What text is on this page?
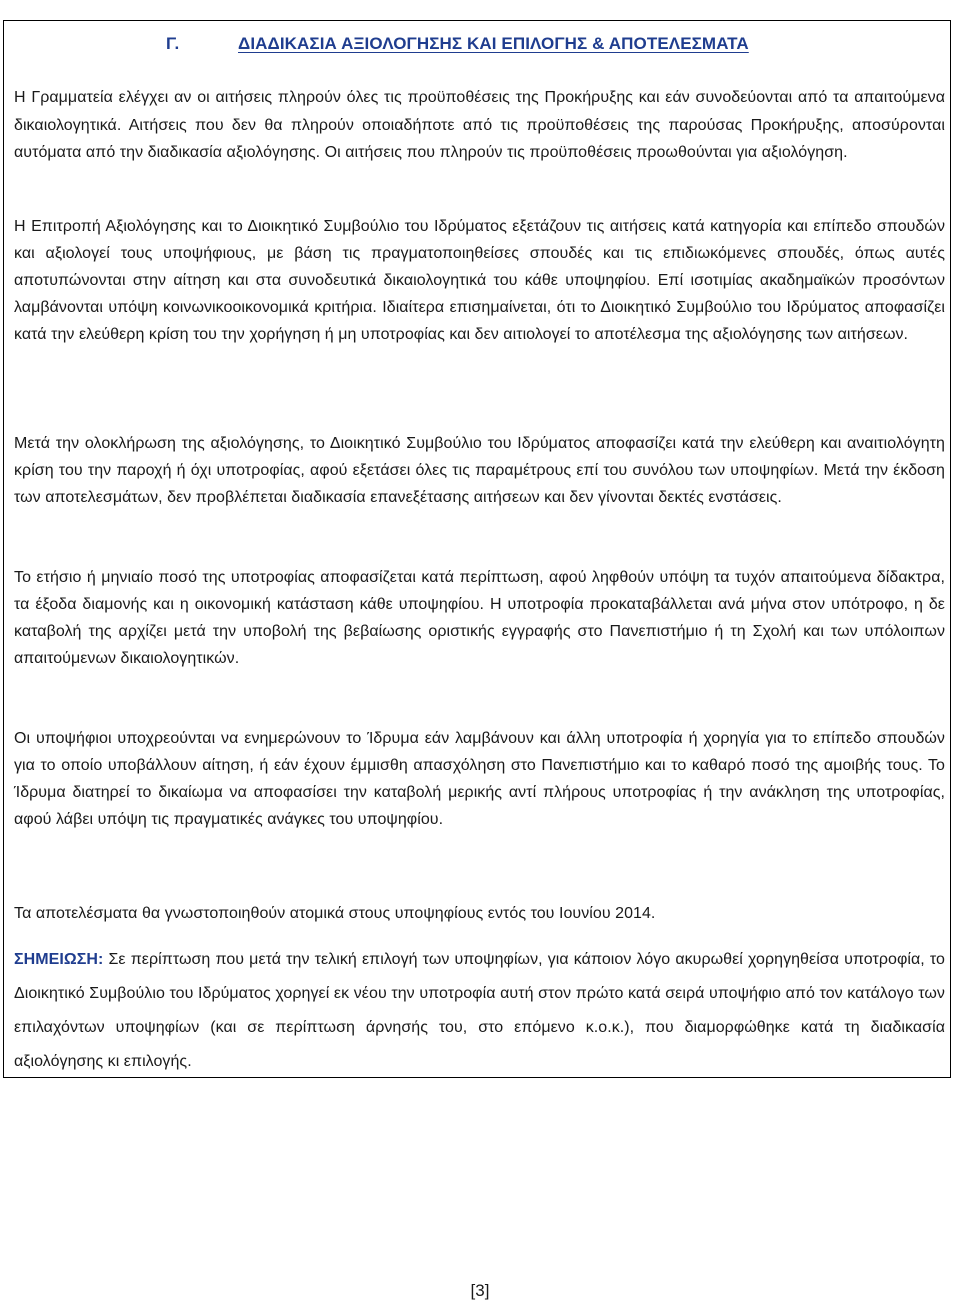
Γ.	ΔΙΑΔΙΚΑΣΙΑ ΑΞΙΟΛΟΓΗΣΗΣ ΚΑΙ ΕΠΙΛΟΓΗΣ & ΑΠΟΤΕΛΕΣΜΑΤΑ

Η Γραμματεία ελέγχει αν οι αιτήσεις πληρούν όλες τις προϋποθέσεις της Προκήρυξης και εάν συνοδεύονται από τα απαιτούμενα δικαιολογητικά. Αιτήσεις που δεν θα πληρούν οποιαδήποτε από τις προϋποθέσεις της παρούσας Προκήρυξης, αποσύρονται αυτόματα από την διαδικασία αξιολόγησης. Οι αιτήσεις που πληρούν τις προϋποθέσεις προωθούνται για αξιολόγηση.

Η Επιτροπή Αξιολόγησης και το Διοικητικό Συμβούλιο του Ιδρύματος εξετάζουν τις αιτήσεις κατά κατηγορία και επίπεδο σπουδών και αξιολογεί τους υποψήφιους, με βάση τις πραγματοποιηθείσες σπουδές και τις επιδιωκόμενες σπουδές, όπως αυτές αποτυπώνονται στην αίτηση και στα συνοδευτικά δικαιολογητικά του κάθε υποψηφίου. Επί ισοτιμίας ακαδημαϊκών προσόντων λαμβάνονται υπόψη κοινωνικοοικονομικά κριτήρια. Ιδιαίτερα επισημαίνεται, ότι το Διοικητικό Συμβούλιο του Ιδρύματος αποφασίζει κατά την ελεύθερη κρίση του την χορήγηση ή μη υποτροφίας και δεν αιτιολογεί το αποτέλεσμα της αξιολόγησης των αιτήσεων.

Μετά την ολοκλήρωση της αξιολόγησης, το Διοικητικό Συμβούλιο του Ιδρύματος αποφασίζει κατά την ελεύθερη και αναιτιολόγητη κρίση του την παροχή ή όχι υποτροφίας, αφού εξετάσει όλες τις παραμέτρους επί του συνόλου των υποψηφίων. Μετά την έκδοση των αποτελεσμάτων, δεν προβλέπεται διαδικασία επανεξέτασης αιτήσεων και δεν γίνονται δεκτές ενστάσεις.

Το ετήσιο ή μηνιαίο ποσό της υποτροφίας αποφασίζεται κατά περίπτωση, αφού ληφθούν υπόψη τα τυχόν απαιτούμενα δίδακτρα, τα έξοδα διαμονής και η οικονομική κατάσταση κάθε υποψηφίου. Η υποτροφία προκαταβάλλεται ανά μήνα στον υπότροφο, η δε καταβολή της αρχίζει μετά την υποβολή της βεβαίωσης οριστικής εγγραφής στο Πανεπιστήμιο ή τη Σχολή και των υπόλοιπων απαιτούμενων δικαιολογητικών.

Οι υποψήφιοι υποχρεούνται να ενημερώνουν το Ίδρυμα εάν λαμβάνουν και άλλη υποτροφία ή χορηγία για το επίπεδο σπουδών για το οποίο υποβάλλουν αίτηση, ή εάν έχουν έμμισθη απασχόληση στο Πανεπιστήμιο και το καθαρό ποσό της αμοιβής τους. Το Ίδρυμα διατηρεί το δικαίωμα να αποφασίσει την καταβολή μερικής αντί πλήρους υποτροφίας ή την ανάκληση της υποτροφίας, αφού λάβει υπόψη τις πραγματικές ανάγκες του υποψηφίου.

Τα αποτελέσματα θα γνωστοποιηθούν ατομικά στους υποψηφίους εντός του Ιουνίου 2014.

ΣΗΜΕΙΩΣΗ: Σε περίπτωση που μετά την τελική επιλογή των υποψηφίων, για κάποιον λόγο ακυρωθεί χορηγηθείσα υποτροφία, το Διοικητικό Συμβούλιο του Ιδρύματος χορηγεί εκ νέου την υποτροφία αυτή στον πρώτο κατά σειρά υποψήφιο από τον κατάλογο των επιλαχόντων υποψηφίων (και σε περίπτωση άρνησής του, στο επόμενο κ.ο.κ.), που διαμορφώθηκε κατά τη διαδικασία αξιολόγησης κι επιλογής.

[3]
